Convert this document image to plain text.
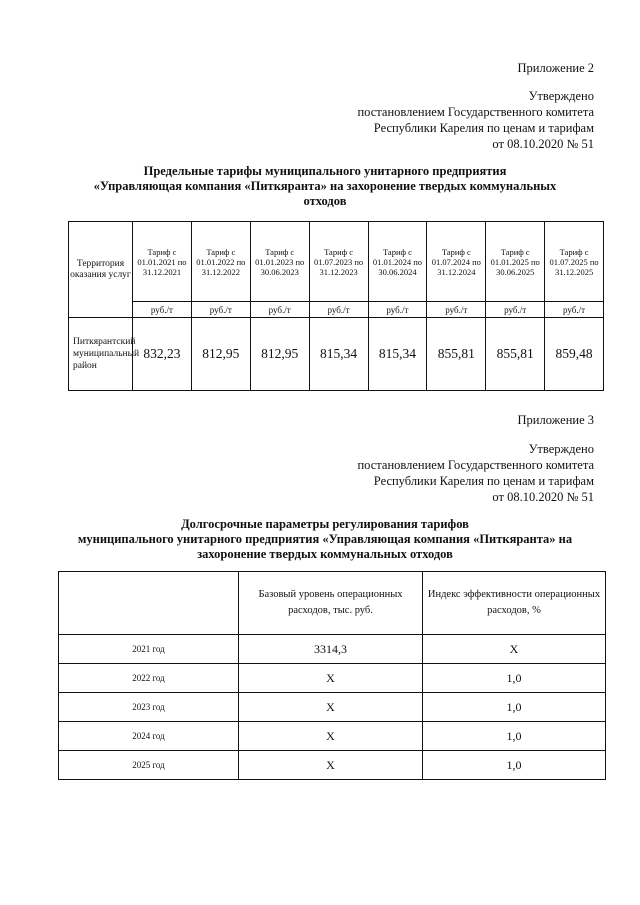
Приложение 2
Утверждено
постановлением Государственного комитета
Республики Карелия по ценам и тарифам
от 08.10.2020 № 51
Предельные тарифы муниципального унитарного предприятия
«Управляющая компания «Питкяранта» на захоронение твердых коммунальных
отходов
Территория оказания услуг	Тариф с 01.01.2021 по 31.12.2021	Тариф с 01.01.2022 по 31.12.2022	Тариф с 01.01.2023 по 30.06.2023	Тариф с 01.07.2023 по 31.12.2023	Тариф с 01.01.2024 по 30.06.2024	Тариф с 01.07.2024 по 31.12.2024	Тариф с 01.01.2025 по 30.06.2025	Тариф с 01.07.2025 по 31.12.2025
	руб./т	руб./т	руб./т	руб./т	руб./т	руб./т	руб./т	руб./т
Питкярантский муниципальный район	832,23	812,95	812,95	815,34	815,34	855,81	855,81	859,48
Приложение 3
Утверждено
постановлением Государственного комитета
Республики Карелия по ценам и тарифам
от 08.10.2020 № 51
Долгосрочные параметры регулирования тарифов
муниципального унитарного предприятия «Управляющая компания «Питкяранта» на
захоронение твердых коммунальных отходов
	Базовый уровень операционных расходов, тыс. руб.	Индекс эффективности операционных расходов, %
2021 год	3314,3	X
2022 год	X	1,0
2023 год	X	1,0
2024 год	X	1,0
2025 год	X	1,0
